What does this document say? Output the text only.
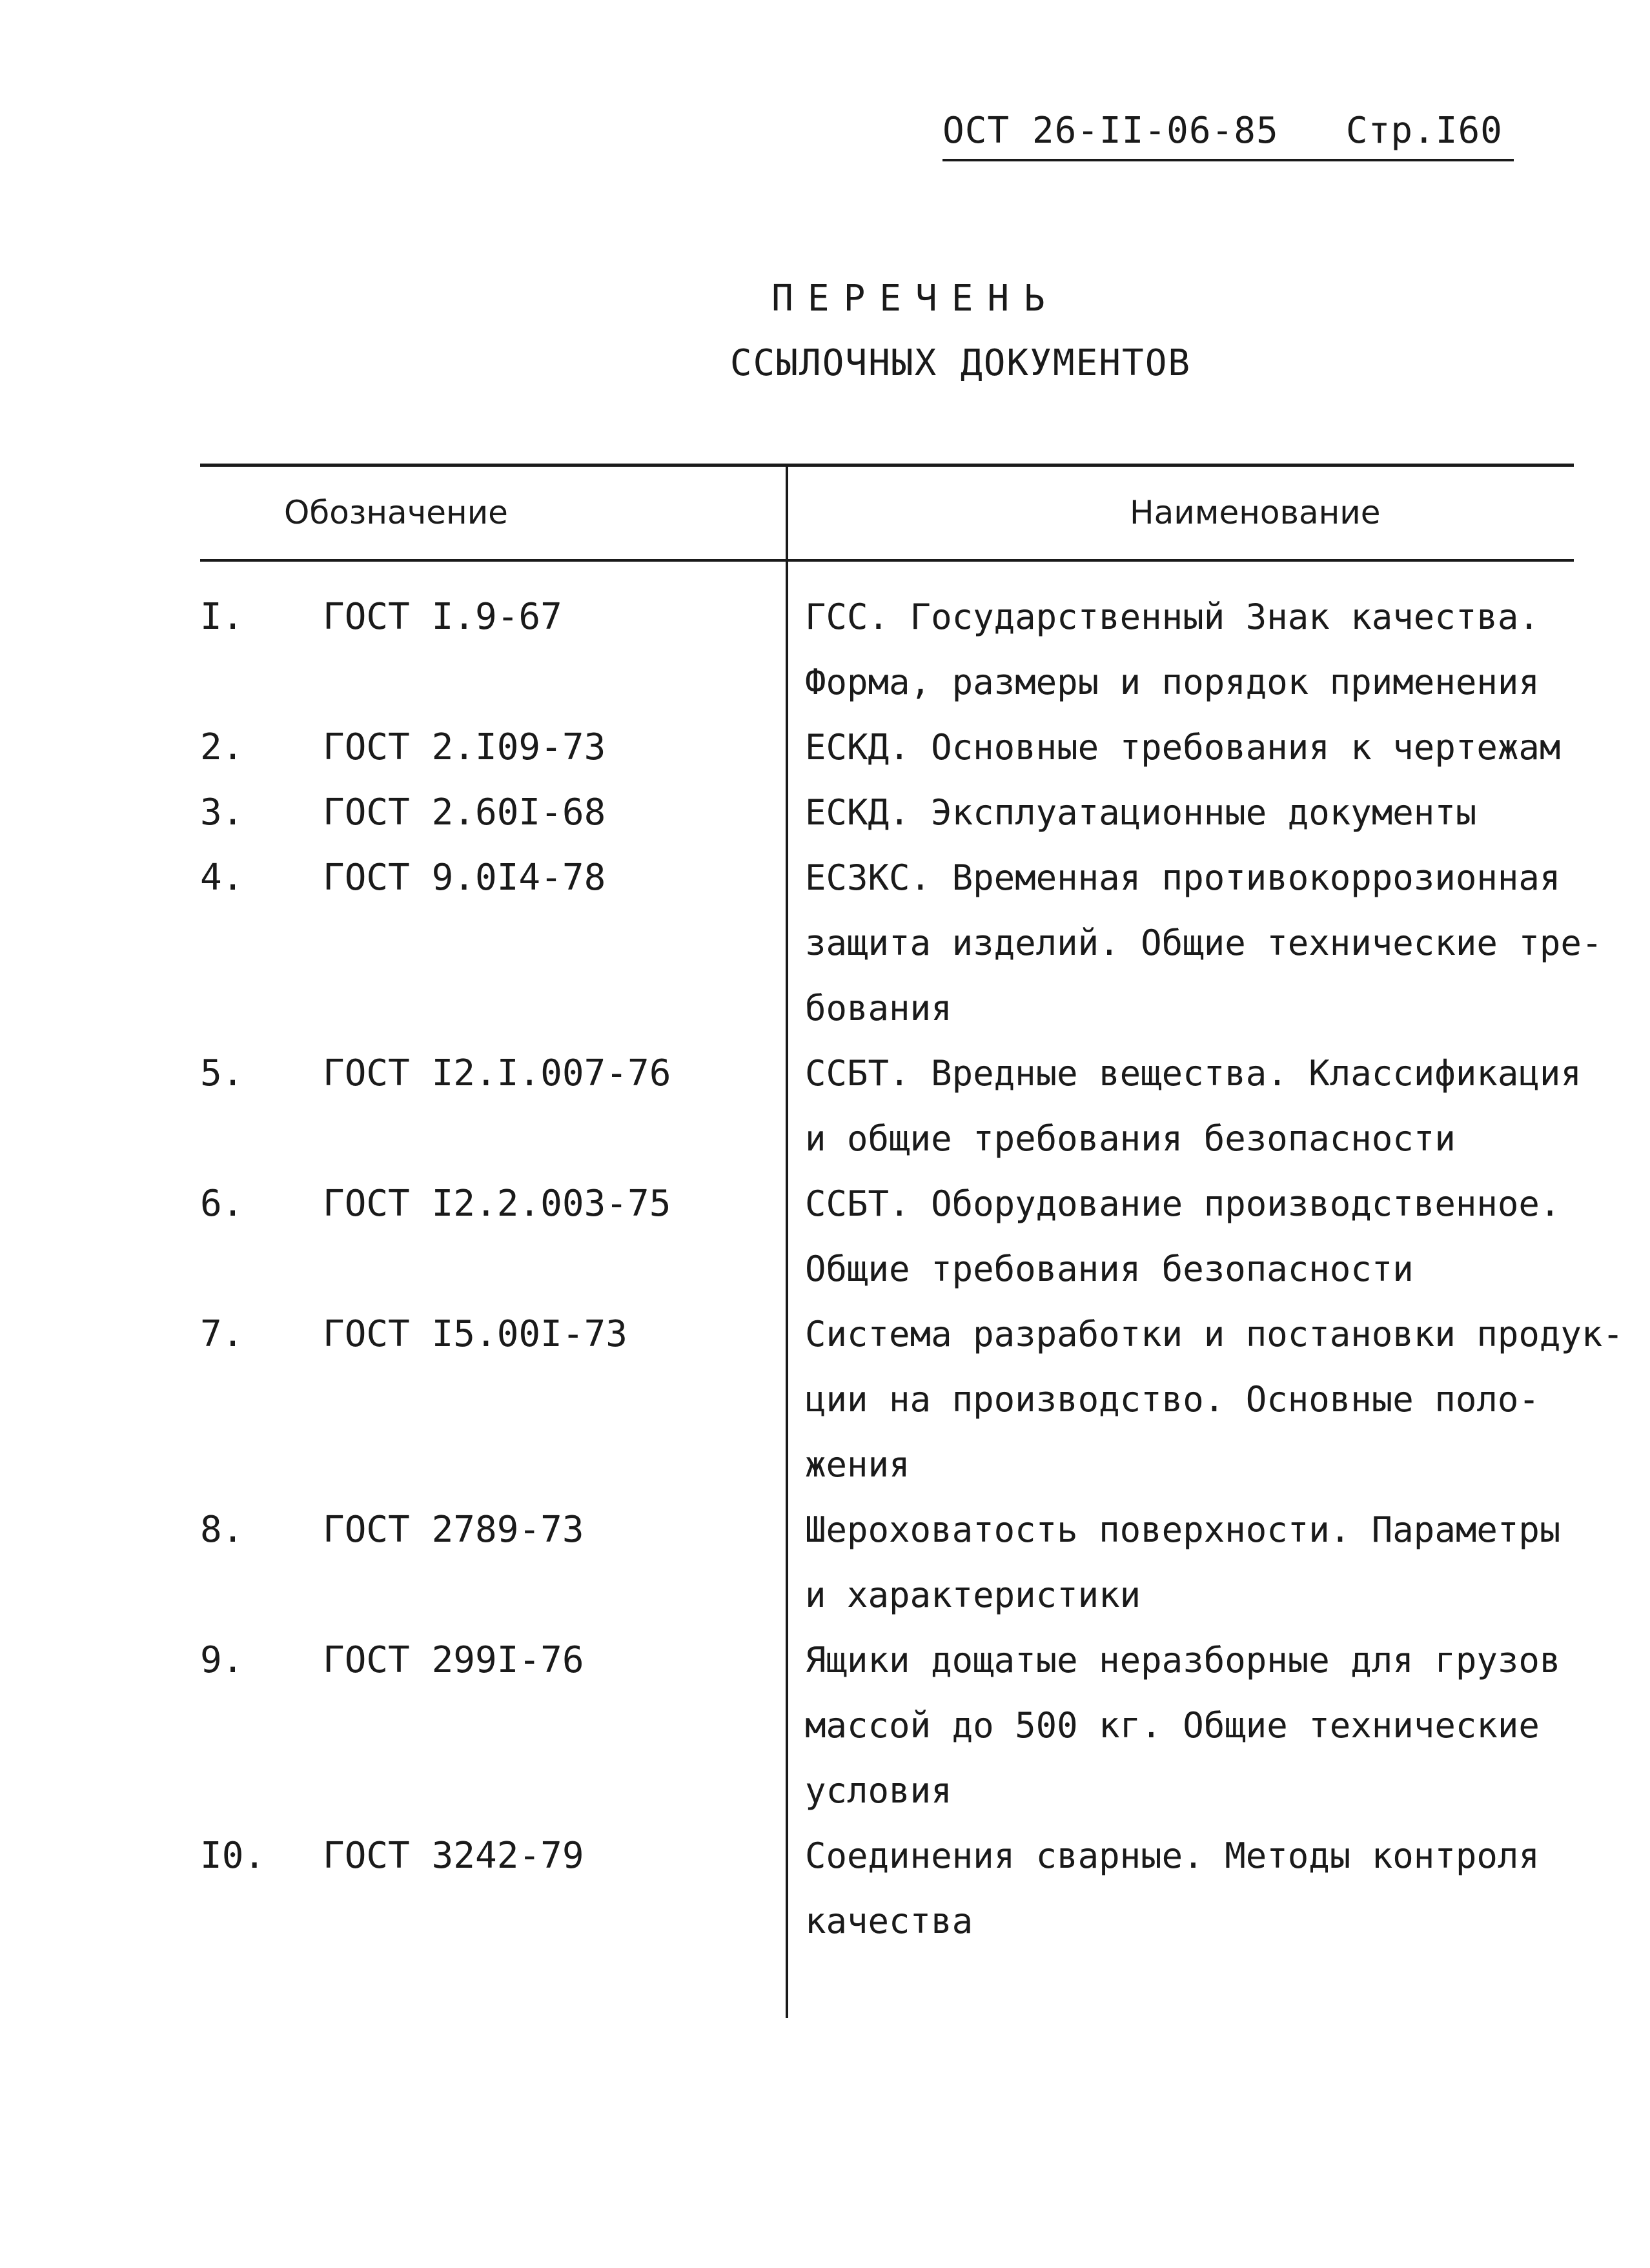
ОСТ 26-II-06-85 Стр.I60
ПЕРЕЧЕНЬ
ССЫЛОЧНЫХ ДОКУМЕНТОВ
Обозначение	Наименование
I. ГОСТ I.9-67	ГСС. Государственный Знак качества.
Форма, размеры и порядок применения
2. ГОСТ 2.I09-73	ЕСКД. Основные требования к чертежам
3. ГОСТ 2.60I-68	ЕСКД. Эксплуатационные документы
4. ГОСТ 9.0I4-78	ЕСЗКС. Временная противокоррозионная
защита изделий. Общие технические тре-
бования
5. ГОСТ I2.I.007-76	ССБТ. Вредные вещества. Классификация
и общие требования безопасности
6. ГОСТ I2.2.003-75	ССБТ. Оборудование производственное.
Общие требования безопасности
7. ГОСТ I5.00I-73	Система разработки и постановки продук-
ции на производство. Основные поло-
жения
8. ГОСТ 2789-73	Шероховатость поверхности. Параметры
и характеристики
9. ГОСТ 299I-76	Ящики дощатые неразборные для грузов
массой до 500 кг. Общие технические
условия
I0. ГОСТ 3242-79	Соединения сварные. Методы контроля
качества
